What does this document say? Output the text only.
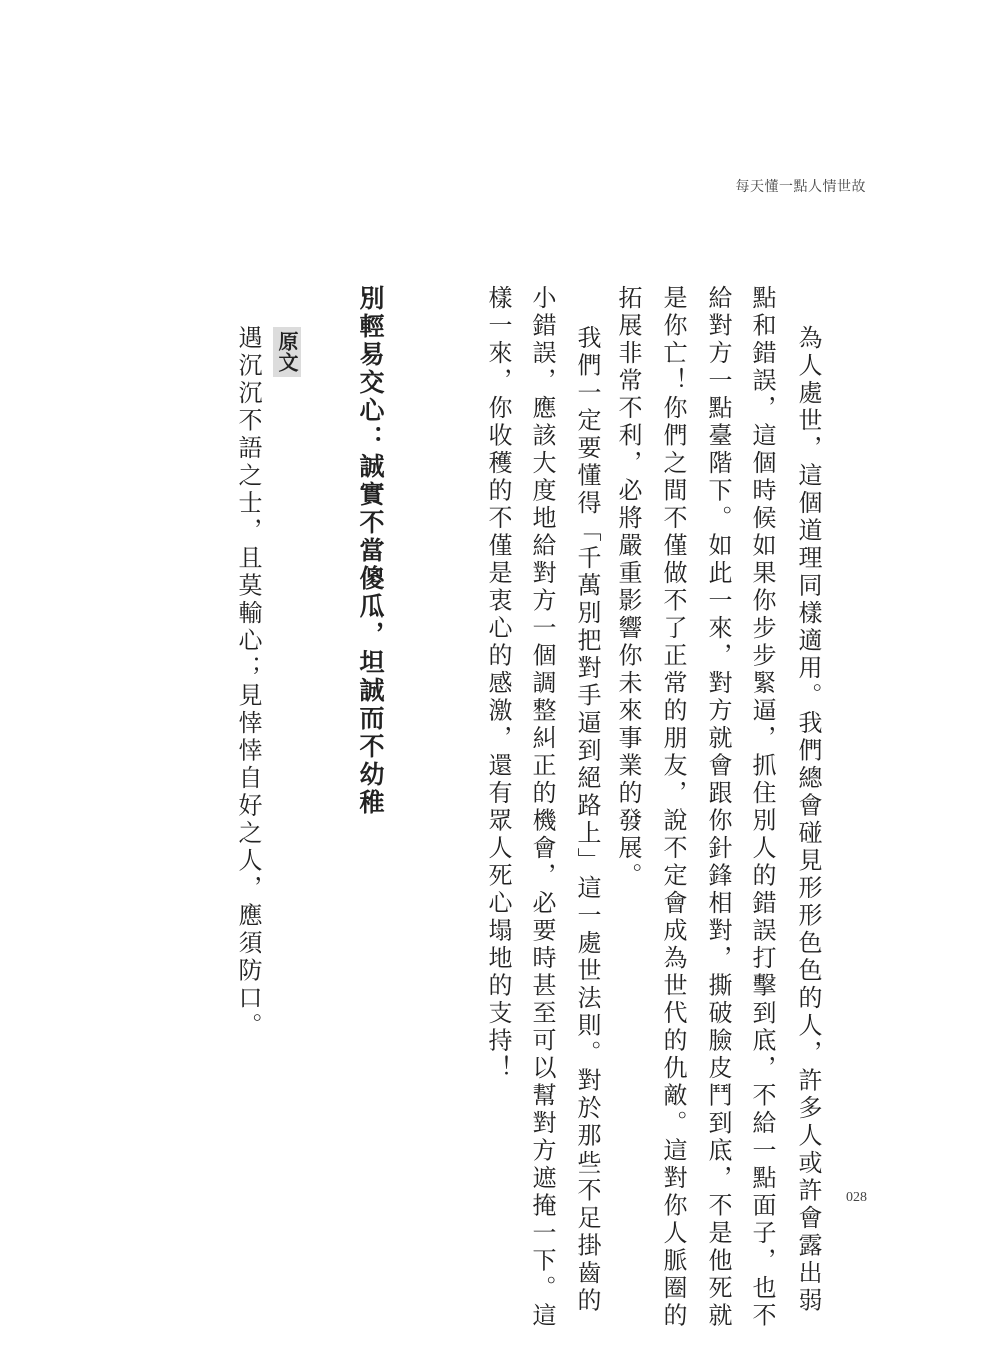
每天懂一點人情世故
為人處世，這個道理同樣適用。我們總會碰見形形色色的人，許多人或許會露出弱
點和錯誤，這個時候如果你步步緊逼，抓住別人的錯誤打擊到底，不給一點面子，也不
給對方一點臺階下。如此一來，對方就會跟你針鋒相對，撕破臉皮鬥到底，不是他死就
是你亡！你們之間不僅做不了正常的朋友，說不定會成為世代的仇敵。這對你人脈圈的
拓展非常不利，必將嚴重影響你未來事業的發展。
我們一定要懂得「千萬別把對手逼到絕路上」這一處世法則。對於那些不足掛齒的
小錯誤，應該大度地給對方一個調整糾正的機會，必要時甚至可以幫對方遮掩一下。這
樣一來，你收穫的不僅是衷心的感激，還有眾人死心塌地的支持！
別輕易交心：誠實不當傻瓜，坦誠而不幼稚
原文
遇沉沉不語之士，且莫輸心；見悻悻自好之人，應須防口。
028
